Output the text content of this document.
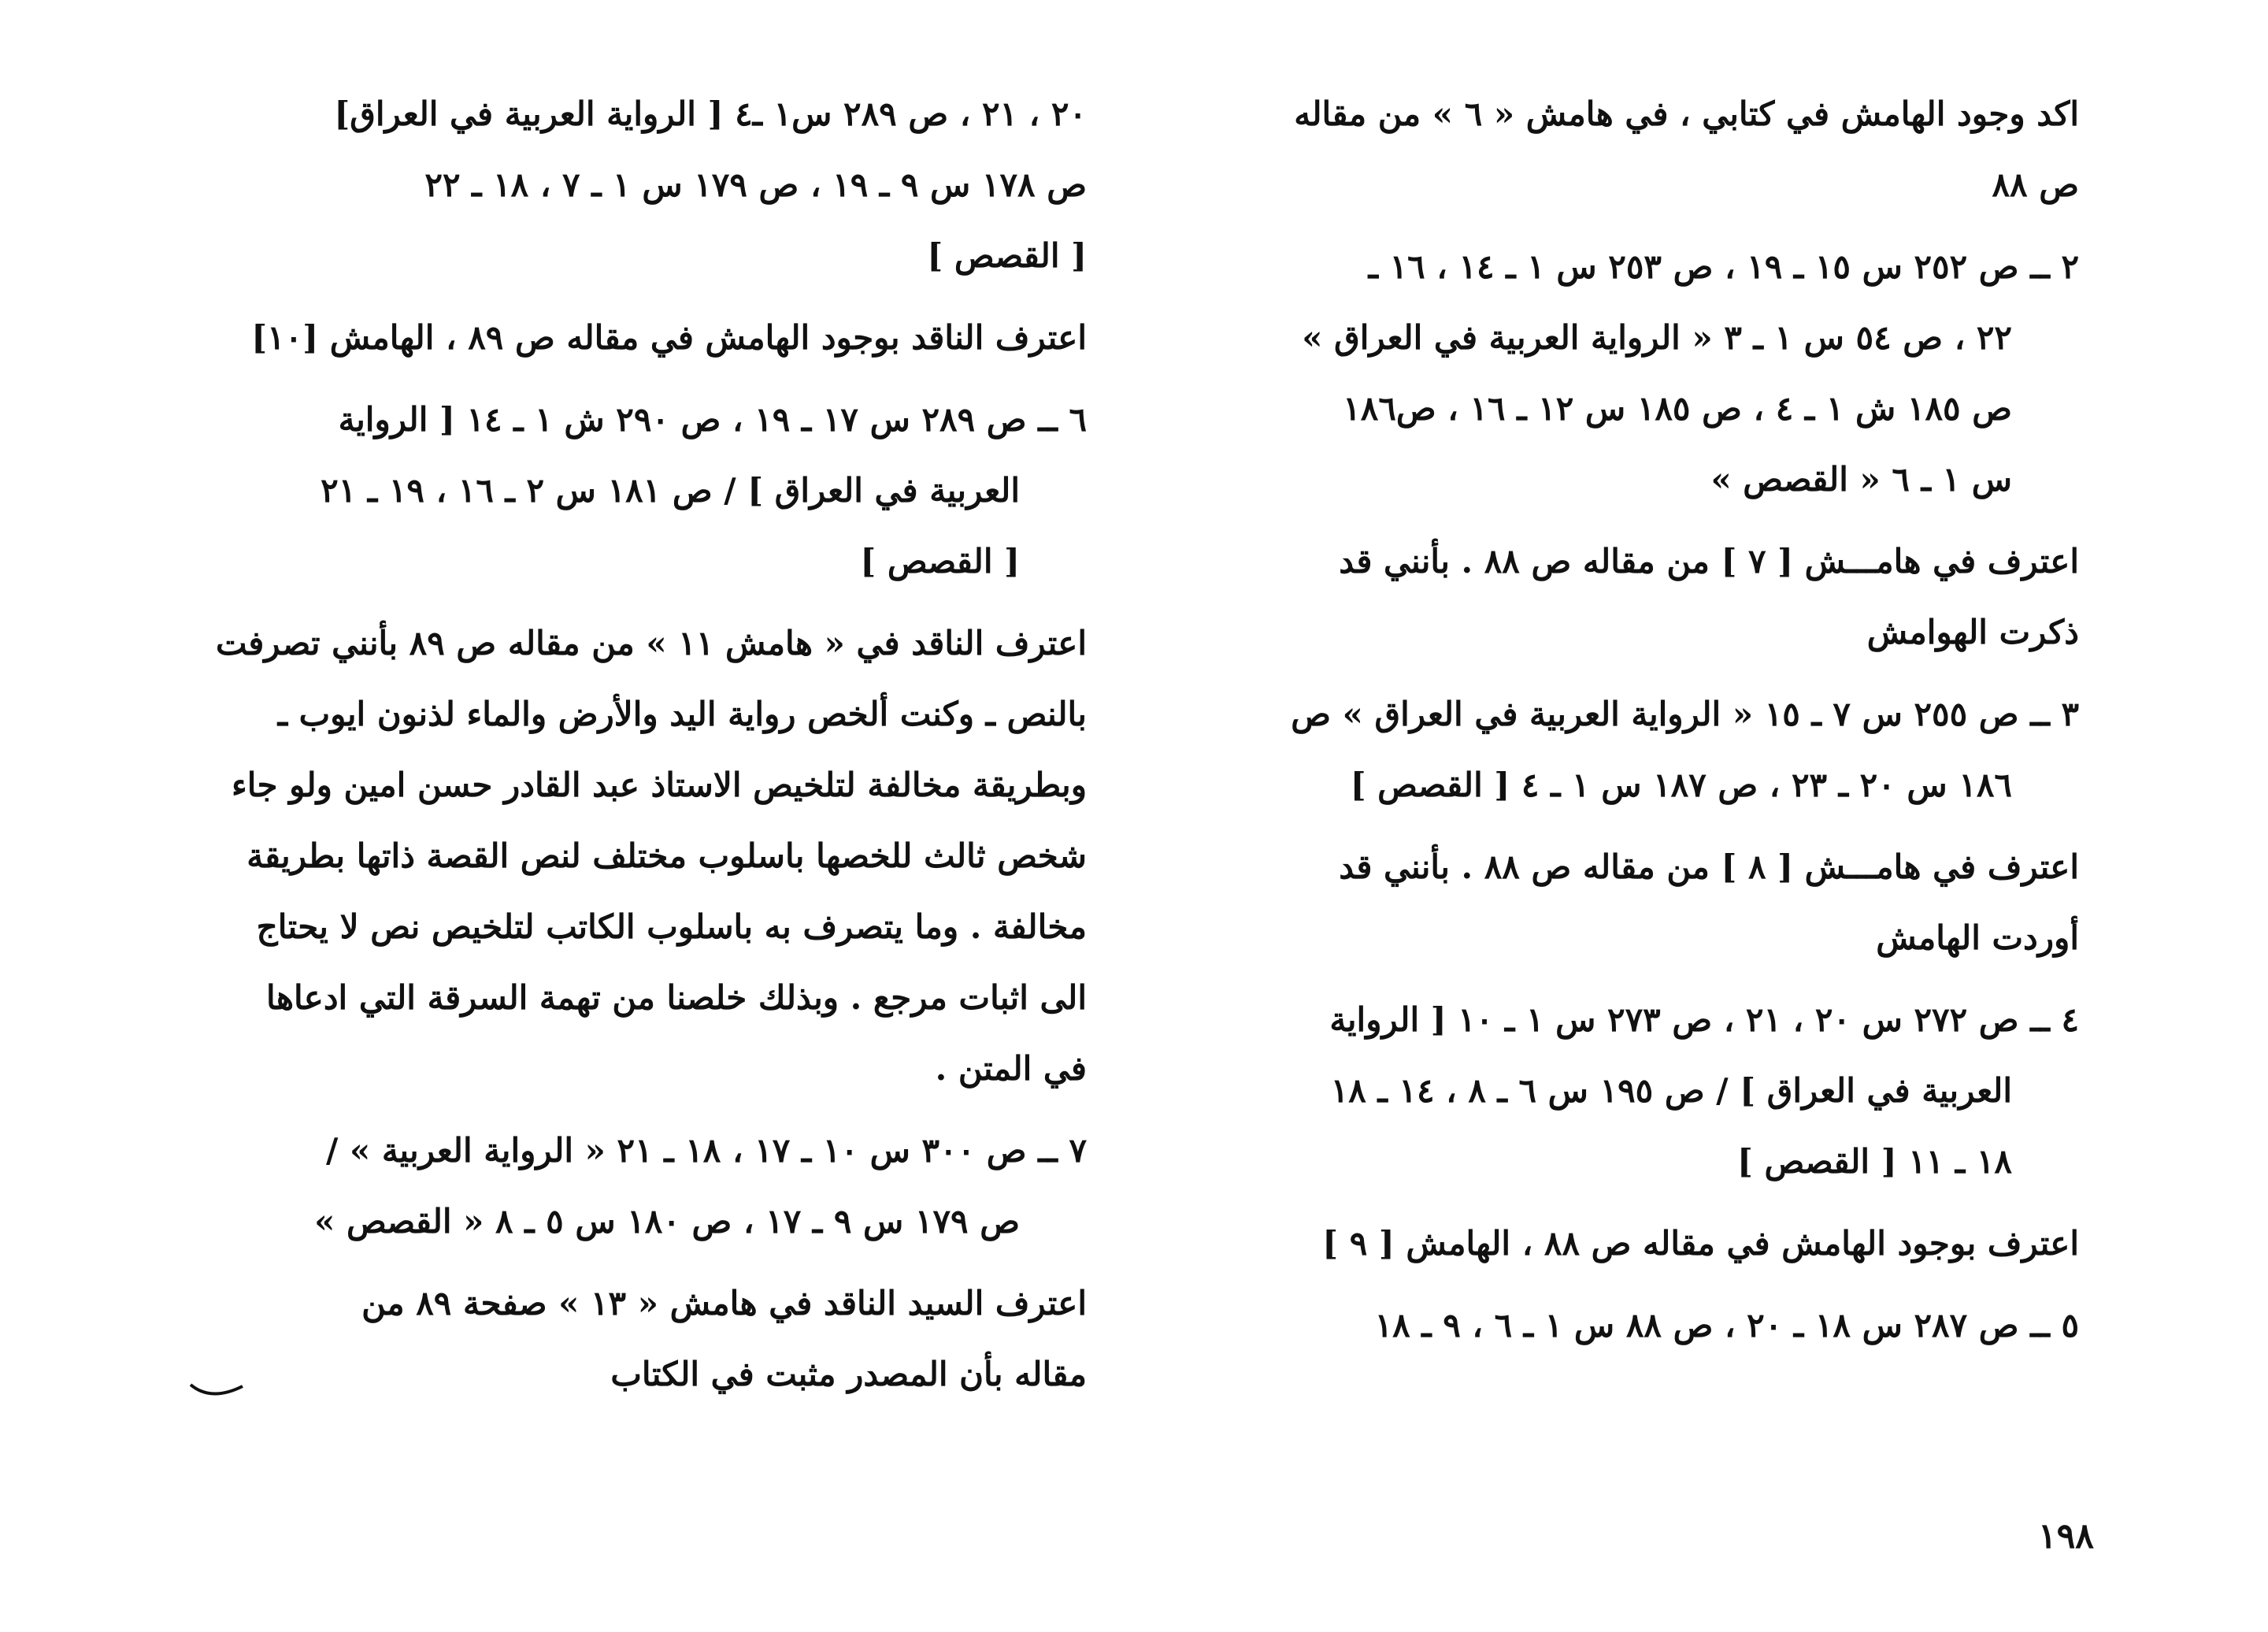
اكد وجود الهامش في كتابي ، في هامش « ٦ » من مقاله
ص ٨٨
٢ ــ ص ٢٥٢ س ١٥ ـ ١٩ ، ص ٢٥٣ س ١ ـ ١٤ ، ١٦ ـ
٢٢ ، ص ٥٤ س ١ ـ ٣ « الرواية العربية في العراق »
ص ١٨٥ ش ١ ـ ٤ ، ص ١٨٥ س ١٢ ـ ١٦ ، ص١٨٦
س ١ ـ ٦ « القصص »
اعترف في هامـــش [ ٧ ] من مقاله ص ٨٨ . بأنني قد
ذكرت الهوامش
٣ ــ ص ٢٥٥ س ٧ ـ ١٥ « الرواية العربية في العراق » ص
١٨٦ س ٢٠ ـ ٢٣ ، ص ١٨٧ س ١ ـ ٤ [ القصص ]
اعترف في هامـــش [ ٨ ] من مقاله ص ٨٨ . بأنني قد
أوردت الهامش
٤ ــ ص ٢٧٢ س ٢٠ ، ٢١ ، ص ٢٧٣ س ١ ـ ١٠ [ الرواية
العربية في العراق ] / ص ١٩٥ س ٦ ـ ٨ ، ١٤ ـ ١٨
١٨ ـ ١١ [ القصص ]
اعترف بوجود الهامش في مقاله ص ٨٨ ، الهامش [ ٩ ]
٥ ــ ص ٢٨٧ س ١٨ ـ ٢٠ ، ص ٨٨ س ١ ـ ٦ ، ٩ ـ ١٨
٢٠ ، ٢١ ، ص ٢٨٩ س١ ـ٤ [ الرواية العربية في العراق]
ص ١٧٨ س ٩ ـ ١٩ ، ص ١٧٩ س ١ ـ ٧ ، ١٨ ـ ٢٢
[ القصص ]
اعترف الناقد بوجود الهامش في مقاله ص ٨٩ ، الهامش [١٠]
٦ ــ ص ٢٨٩ س ١٧ ـ ١٩ ، ص ٢٩٠ ش ١ ـ ١٤ [ الرواية
العربية في العراق ] / ص ١٨١ س ٢ ـ ١٦ ، ١٩ ـ ٢١
[ القصص ]
اعترف الناقد في « هامش ١١ » من مقاله ص ٨٩ بأنني تصرفت
بالنص ـ وكنت ألخص رواية اليد والأرض والماء لذنون ايوب ـ
وبطريقة مخالفة لتلخيص الاستاذ عبد القادر حسن امين ولو جاء
شخص ثالث للخصها باسلوب مختلف لنص القصة ذاتها بطريقة
مخالفة . وما يتصرف به باسلوب الكاتب لتلخيص نص لا يحتاج
الى اثبات مرجع . وبذلك خلصنا من تهمة السرقة التي ادعاها
في المتن .
٧ ــ ص ٣٠٠ س ١٠ ـ ١٧ ، ١٨ ـ ٢١ « الرواية العربية » /
ص ١٧٩ س ٩ ـ ١٧ ، ص ١٨٠ س ٥ ـ ٨ « القصص »
اعترف السيد الناقد في هامش « ١٣ » صفحة ٨٩ من
مقاله بأن المصدر مثبت في الكتاب
١٩٨
